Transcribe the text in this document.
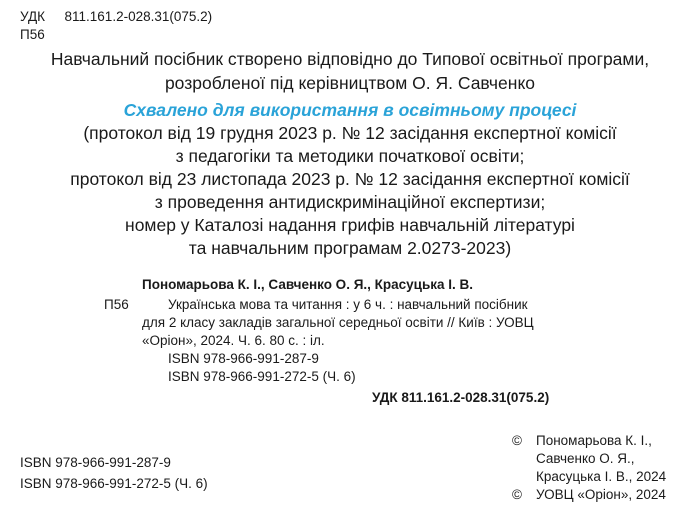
УДК 811.161.2-028.31(075.2)
П56
Навчальний посібник створено відповідно до Типової освітньої програми,
розробленої під керівництвом О. Я. Савченко
Схвалено для використання в освітньому процесі
(протокол від 19 грудня 2023 р. № 12 засідання експертної комісії
з педагогіки та методики початкової освіти;
протокол від 23 листопада 2023 р. № 12 засідання експертної комісії
з проведення антидискримінаційної експертизи;
номер у Каталозі надання грифів навчальній літературі
та навчальним програмам 2.0273-2023)
Пономарьова К. І., Савченко О. Я., Красуцька І. В.
П56	Українська мова та читання : у 6 ч. : навчальний посібник
для 2 класу закладів загальної середньої освіти // Київ : УОВЦ
«Оріон», 2024. Ч. 6. 80 с. : іл.
ISBN 978-966-991-287-9
ISBN 978-966-991-272-5 (Ч. 6)
УДК 811.161.2-028.31(075.2)
ISBN 978-966-991-287-9
ISBN 978-966-991-272-5 (Ч. 6)
© Пономарьова К. І.,
Савченко О. Я.,
Красуцька І. В., 2024
© УОВЦ «Оріон», 2024
